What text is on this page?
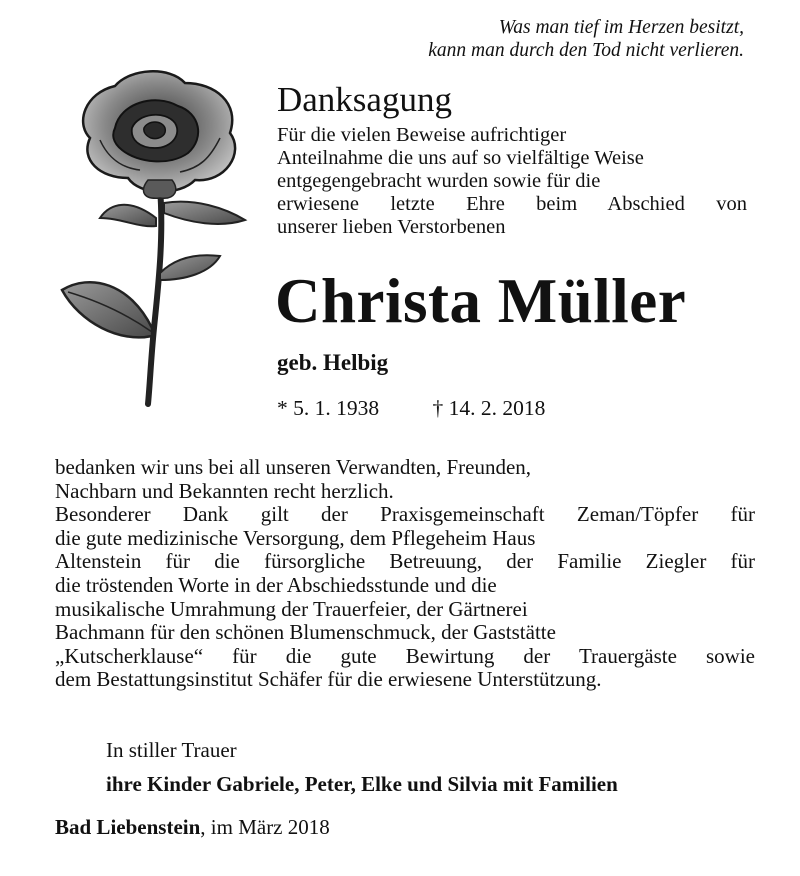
Was man tief im Herzen besitzt,
kann man durch den Tod nicht verlieren.
Danksagung
Für die vielen Beweise aufrichtiger
Anteilnahme die uns auf so vielfältige Weise
entgegengebracht wurden sowie für die
erwiesene letzte Ehre beim Abschied von
unserer lieben Verstorbenen
Christa Müller
geb. Helbig
* 5. 1. 1938 † 14. 2. 2018
bedanken wir uns bei all unseren Verwandten, Freunden,
Nachbarn und Bekannten recht herzlich.
Besonderer Dank gilt der Praxisgemeinschaft Zeman/Töpfer für
die gute medizinische Versorgung, dem Pflegeheim Haus
Altenstein für die fürsorgliche Betreuung, der Familie Ziegler für
die tröstenden Worte in der Abschiedsstunde und die
musikalische Umrahmung der Trauerfeier, der Gärtnerei
Bachmann für den schönen Blumenschmuck, der Gaststätte
„Kutscherklause“ für die gute Bewirtung der Trauergäste sowie
dem Bestattungsinstitut Schäfer für die erwiesene Unterstützung.
In stiller Trauer
ihre Kinder Gabriele, Peter, Elke und Silvia mit Familien
Bad Liebenstein, im März 2018
